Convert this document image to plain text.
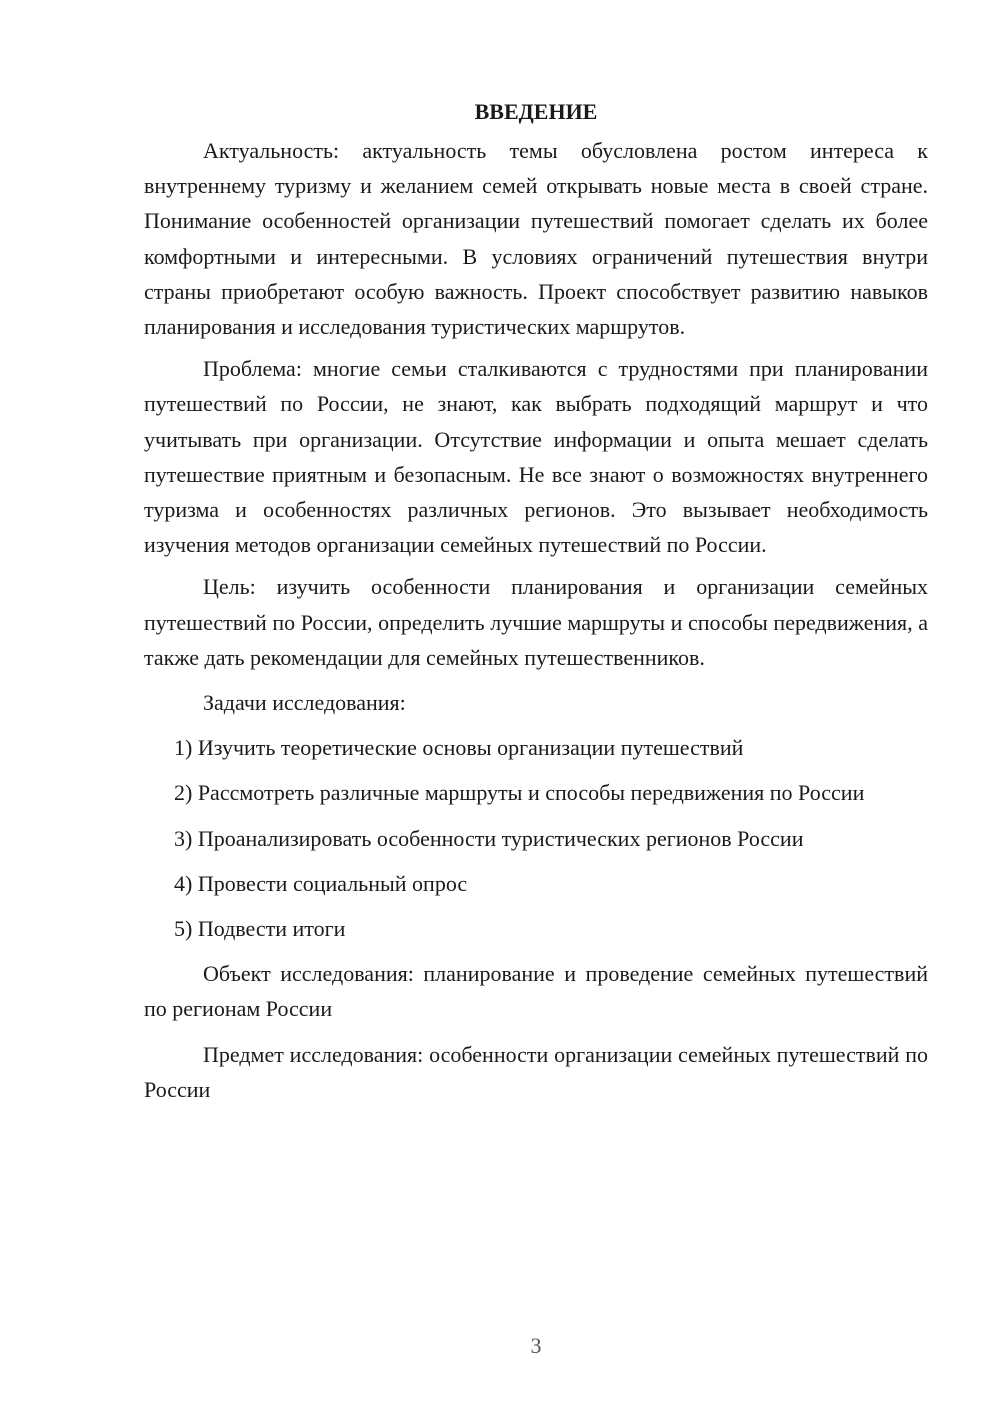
ВВЕДЕНИЕ

Актуальность: актуальность темы обусловлена ростом интереса к внутреннему туризму и желанием семей открывать новые места в своей стране. Понимание особенностей организации путешествий помогает сделать их более комфортными и интересными. В условиях ограничений путешествия внутри страны приобретают особую важность. Проект способствует развитию навыков планирования и исследования туристических маршрутов.

Проблема: многие семьи сталкиваются с трудностями при планировании путешествий по России, не знают, как выбрать подходящий маршрут и что учитывать при организации. Отсутствие информации и опыта мешает сделать путешествие приятным и безопасным. Не все знают о возможностях внутреннего туризма и особенностях различных регионов. Это вызывает необходимость изучения методов организации семейных путешествий по России.

Цель: изучить особенности планирования и организации семейных путешествий по России, определить лучшие маршруты и способы передвижения, а также дать рекомендации для семейных путешественников.

Задачи исследования:

1) Изучить теоретические основы организации путешествий

2) Рассмотреть различные маршруты и способы передвижения по России

3) Проанализировать особенности туристических регионов России

4) Провести социальный опрос

5) Подвести итоги

Объект исследования: планирование и проведение семейных путешествий по регионам России

Предмет исследования: особенности организации семейных путешествий по России

3
